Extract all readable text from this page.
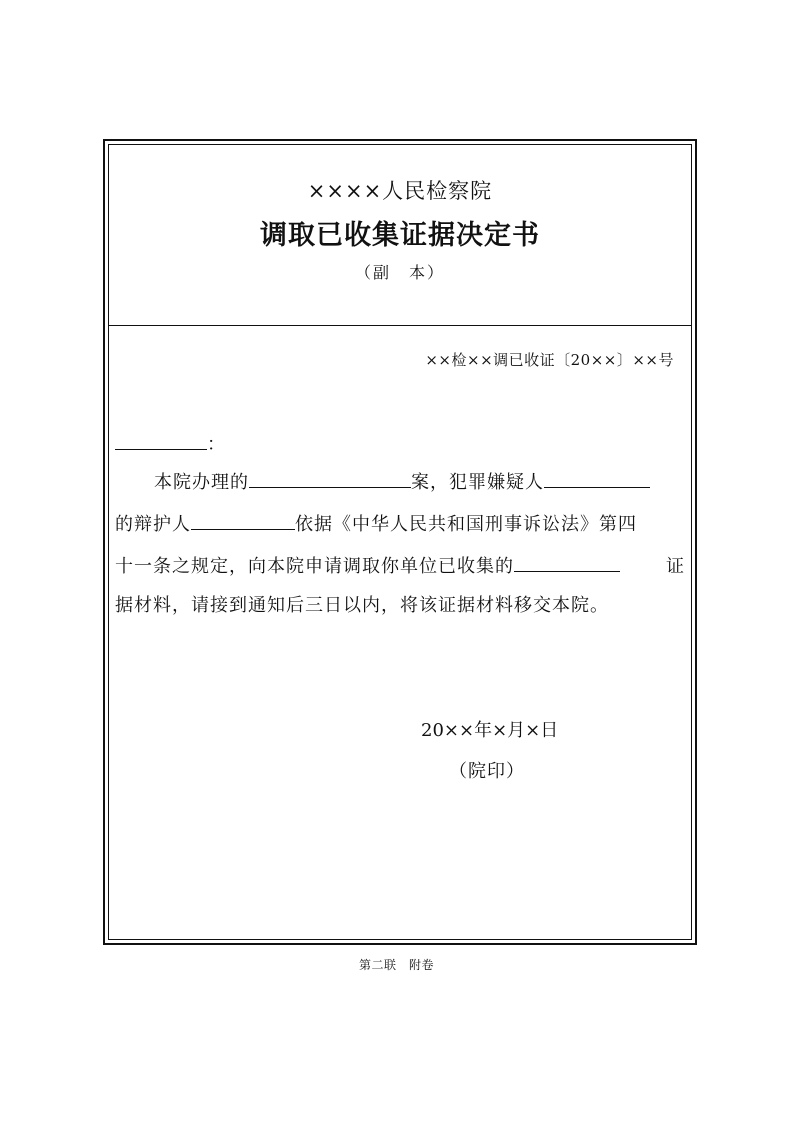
××××人民检察院
调取已收集证据决定书
（副　本）
××检××调已收证〔20××〕××号
：
本院办理的	案，犯罪嫌疑人
的辩护人	依据《中华人民共和国刑事诉讼法》第四
十一条之规定，向本院申请调取你单位已收集的	证
据材料，请接到通知后三日以内，将该证据材料移交本院。
20××年×月×日
（院印）
第二联　附卷
